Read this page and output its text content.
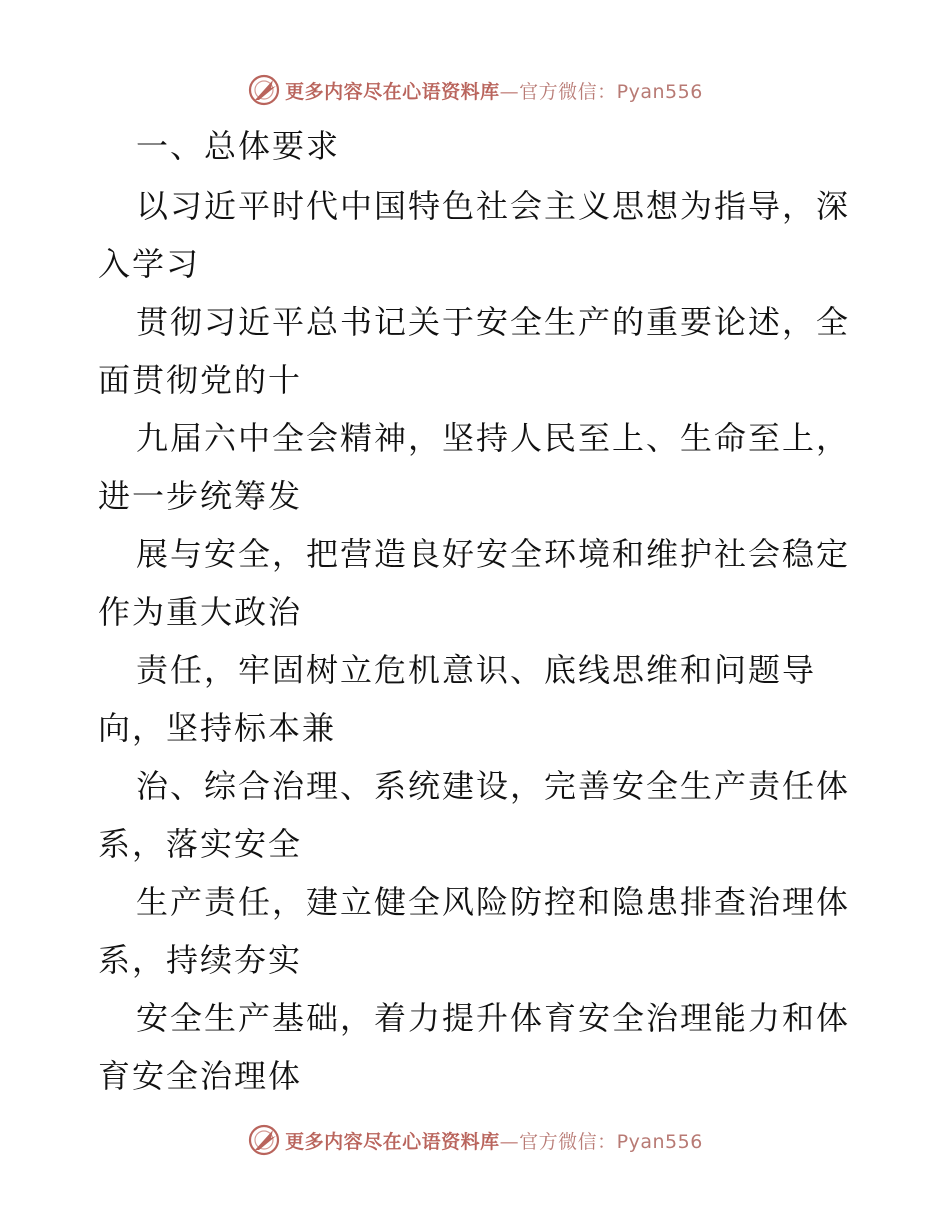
更多内容尽在心语资料库—官方微信：Pyan556
一、总体要求
以习近平时代中国特色社会主义思想为指导，深
入学习
贯彻习近平总书记关于安全生产的重要论述，全
面贯彻党的十
九届六中全会精神，坚持人民至上、生命至上，
进一步统筹发
展与安全，把营造良好安全环境和维护社会稳定
作为重大政治
责任，牢固树立危机意识、底线思维和问题导
向，坚持标本兼
治、综合治理、系统建设，完善安全生产责任体
系，落实安全
生产责任，建立健全风险防控和隐患排查治理体
系，持续夯实
安全生产基础，着力提升体育安全治理能力和体
育安全治理体
更多内容尽在心语资料库—官方微信：Pyan556
